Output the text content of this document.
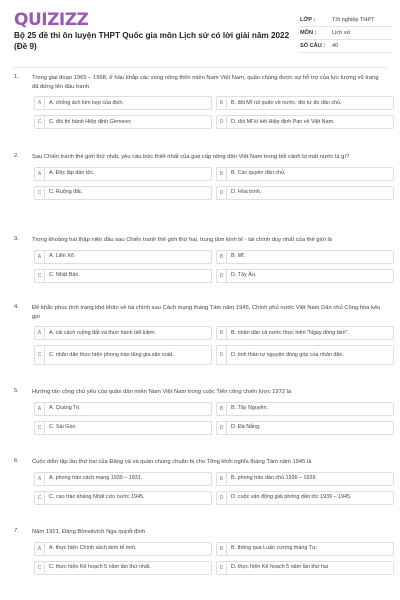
QUIZIZZ
Bộ 25 đề thi ôn luyện THPT Quốc gia môn Lịch sử có lời giải năm 2022 (Đề 9)
LỚP :	Tốt nghiệp THPT
MÔN :	Lịch sử
SỐ CÂU :	40
1. Trong giai đoạn 1965 – 1968, ở hầu khắp các vùng nông thôn miền Nam Việt Nam, quần chúng được sự hỗ trợ của lực lượng vũ trang đã đứng lên đấu tranh
A	A. chống ách kìm kẹp của địch.	B	B. đòi Mĩ rút quân về nước, đòi tự do dân chủ.
C	C. đòi thi hành Hiệp định Giơnevơ.	D	D. đòi Mĩ kí kết Hiệp định Pari về Việt Nam.
2. Sau Chiến tranh thế giới thứ nhất, yêu cầu bức thiết nhất của giai cấp nông dân Việt Nam trong bối cảnh bị mất nước là gì?
A	A. Độc lập dân tộc.	B	B. Các quyền dân chủ.
C	C. Ruộng đất.	D	D. Hòa bình.
3. Trong khoảng hai thập niên đầu sau Chiến tranh thế giới thứ hai, trung tâm kinh tế - tài chính duy nhất của thế giới là
A	A. Liên Xô.	B	B. Mĩ.
C	C. Nhật Bản.	D	D. Tây Âu.
4. Để khắc phục tình trạng khó khăn về tài chính sau Cách mạng tháng Tám năm 1945, Chính phủ nước Việt Nam Dân chủ Cộng hòa kêu gọi
A	A. cải cách ruộng đất và thực hành tiết kiệm.	B	B. nhân dân cả nước thực hiện "Ngày đồng tâm".
C	C. nhân dân thực hiện phong trào tăng gia sản xuất.	D	D. tinh thần tự nguyện đóng góp của nhân dân.
5. Hướng tấn công chủ yếu của quân dân miền Nam Việt Nam trong cuộc Tiến công chiến lược 1972 là
A	A. Quảng Trị.	B	B. Tây Nguyên.
C	C. Sài Gòn.	D	D. Đà Nẵng.
6. Cuộc diễn tập lần thứ hai của Đảng và và quần chúng chuẩn bị cho Tổng khởi nghĩa tháng Tám năm 1945 là
A	A. phong trào cách mạng 1930 – 1931.	B	B. phong trào dân chủ 1936 – 1939.
C	C. cao trào kháng Nhật cứu nước 1945.	D	D. cuộc vận động giải phóng dân tộc 1939 – 1945.
7. Năm 1921, Đảng Bônsêvích Nga quyết định
A	A. thực hiện Chính sách kinh tế mới.	B	B. thông qua Luận cương tháng Tư.
C	C. thực hiện Kế hoạch 5 năm lần thứ nhất.	D	D. thực hiện Kế hoạch 5 năm lần thứ hai
